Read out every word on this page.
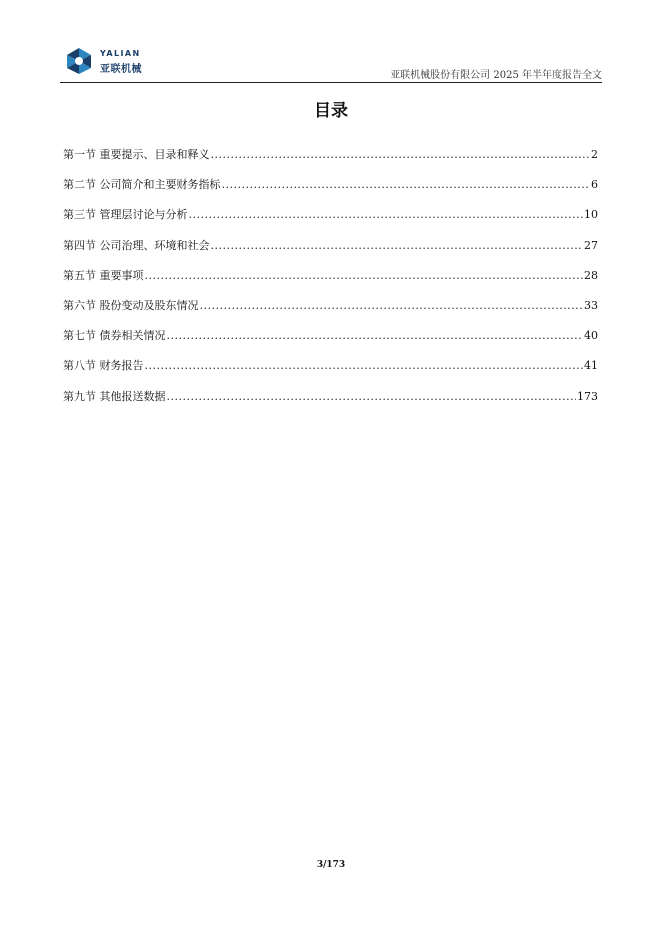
YALIAN
亚联机械
亚联机械股份有限公司 2025 年半年度报告全文
目录
第一节 重要提示、目录和释义 .....	2
第二节 公司简介和主要财务指标 .....	6
第三节 管理层讨论与分析 .....	10
第四节 公司治理、环境和社会 .....	27
第五节 重要事项 .....	28
第六节 股份变动及股东情况 .....	33
第七节 债券相关情况 .....	40
第八节 财务报告 .....	41
第九节 其他报送数据 .....	173
3/173
